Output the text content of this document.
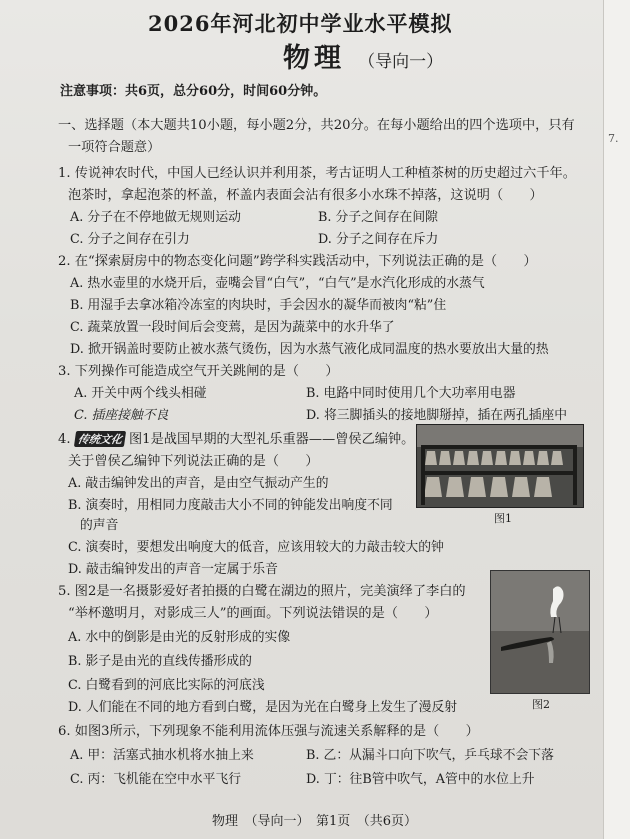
7.
2026年河北初中学业水平模拟
物理 （导向一）
注意事项：共6页，总分60分，时间60分钟。
一、选择题（本大题共10小题，每小题2分，共20分。在每小题给出的四个选项中，只有
一项符合题意）
1. 传说神农时代，中国人已经认识并利用茶，考古证明人工种植茶树的历史超过六千年。
泡茶时，拿起泡茶的杯盖，杯盖内表面会沾有很多小水珠不掉落，这说明（　　）
A. 分子在不停地做无规则运动	B. 分子之间存在间隙
C. 分子之间存在引力	D. 分子之间存在斥力
2. 在“探索厨房中的物态变化问题”跨学科实践活动中，下列说法正确的是（　　）
A. 热水壶里的水烧开后，壶嘴会冒“白气”，“白气”是水汽化形成的水蒸气
B. 用湿手去拿冰箱冷冻室的肉块时，手会因水的凝华而被肉“粘”住
C. 蔬菜放置一段时间后会变蔫，是因为蔬菜中的水升华了
D. 掀开锅盖时要防止被水蒸气烫伤，因为水蒸气液化成同温度的热水要放出大量的热
3. 下列操作可能造成空气开关跳闸的是（　　）
A. 开关中两个线头相碰	B. 电路中同时使用几个大功率用电器
C. 插座接触不良	D. 将三脚插头的接地脚掰掉，插在两孔插座中
4. 传统文化 图1是战国早期的大型礼乐重器——曾侯乙编钟。
关于曾侯乙编钟下列说法正确的是（　　）
A. 敲击编钟发出的声音，是由空气振动产生的
B. 演奏时，用相同力度敲击大小不同的钟能发出响度不同
的声音
C. 演奏时，要想发出响度大的低音，应该用较大的力敲击较大的钟
D. 敲击编钟发出的声音一定属于乐音
图1
5. 图2是一名摄影爱好者拍摄的白鹭在湖边的照片，完美演绎了李白的
“举杯邀明月，对影成三人”的画面。下列说法错误的是（　　）
A. 水中的倒影是由光的反射形成的实像
B. 影子是由光的直线传播形成的
C. 白鹭看到的河底比实际的河底浅
D. 人们能在不同的地方看到白鹭，是因为光在白鹭身上发生了漫反射	图2
6. 如图3所示，下列现象不能利用流体压强与流速关系解释的是（　　）
A. 甲：活塞式抽水机将水抽上来	B. 乙：从漏斗口向下吹气，乒乓球不会下落
C. 丙：飞机能在空中水平飞行	D. 丁：往B管中吹气，A管中的水位上升
物理　（导向一）　第1页　（共6页）
